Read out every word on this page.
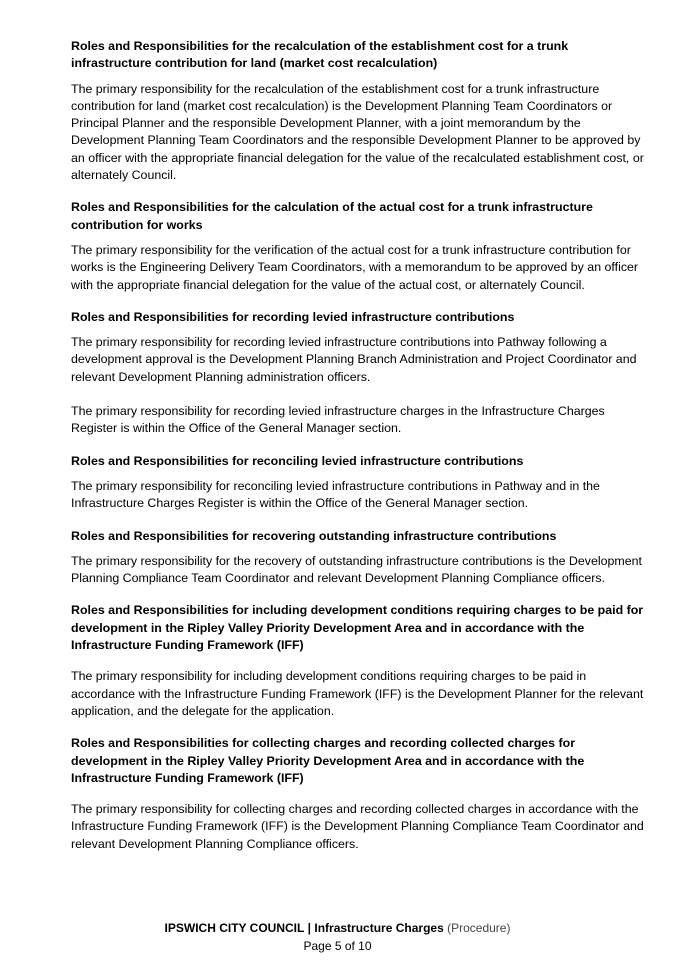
Roles and Responsibilities for the recalculation of the establishment cost for a trunk infrastructure contribution for land (market cost recalculation)

The primary responsibility for the recalculation of the establishment cost for a trunk infrastructure contribution for land (market cost recalculation) is the Development Planning Team Coordinators or Principal Planner and the responsible Development Planner, with a joint memorandum by the Development Planning Team Coordinators and the responsible Development Planner to be approved by an officer with the appropriate financial delegation for the value of the recalculated establishment cost, or alternately Council.

Roles and Responsibilities for the calculation of the actual cost for a trunk infrastructure contribution for works

The primary responsibility for the verification of the actual cost for a trunk infrastructure contribution for works is the Engineering Delivery Team Coordinators, with a memorandum to be approved by an officer with the appropriate financial delegation for the value of the actual cost, or alternately Council.

Roles and Responsibilities for recording levied infrastructure contributions

The primary responsibility for recording levied infrastructure contributions into Pathway following a development approval is the Development Planning Branch Administration and Project Coordinator and relevant Development Planning administration officers.

The primary responsibility for recording levied infrastructure charges in the Infrastructure Charges Register is within the Office of the General Manager section.

Roles and Responsibilities for reconciling levied infrastructure contributions

The primary responsibility for reconciling levied infrastructure contributions in Pathway and in the Infrastructure Charges Register is within the Office of the General Manager section.

Roles and Responsibilities for recovering outstanding infrastructure contributions

The primary responsibility for the recovery of outstanding infrastructure contributions is the Development Planning Compliance Team Coordinator and relevant Development Planning Compliance officers.

Roles and Responsibilities for including development conditions requiring charges to be paid for development in the Ripley Valley Priority Development Area and in accordance with the Infrastructure Funding Framework (IFF)

The primary responsibility for including development conditions requiring charges to be paid in accordance with the Infrastructure Funding Framework (IFF) is the Development Planner for the relevant application, and the delegate for the application.

Roles and Responsibilities for collecting charges and recording collected charges for development in the Ripley Valley Priority Development Area and in accordance with the Infrastructure Funding Framework (IFF)

The primary responsibility for collecting charges and recording collected charges in accordance with the Infrastructure Funding Framework (IFF) is the Development Planning Compliance Team Coordinator and relevant Development Planning Compliance officers.

IPSWICH CITY COUNCIL | Infrastructure Charges (Procedure)
Page 5 of 10
